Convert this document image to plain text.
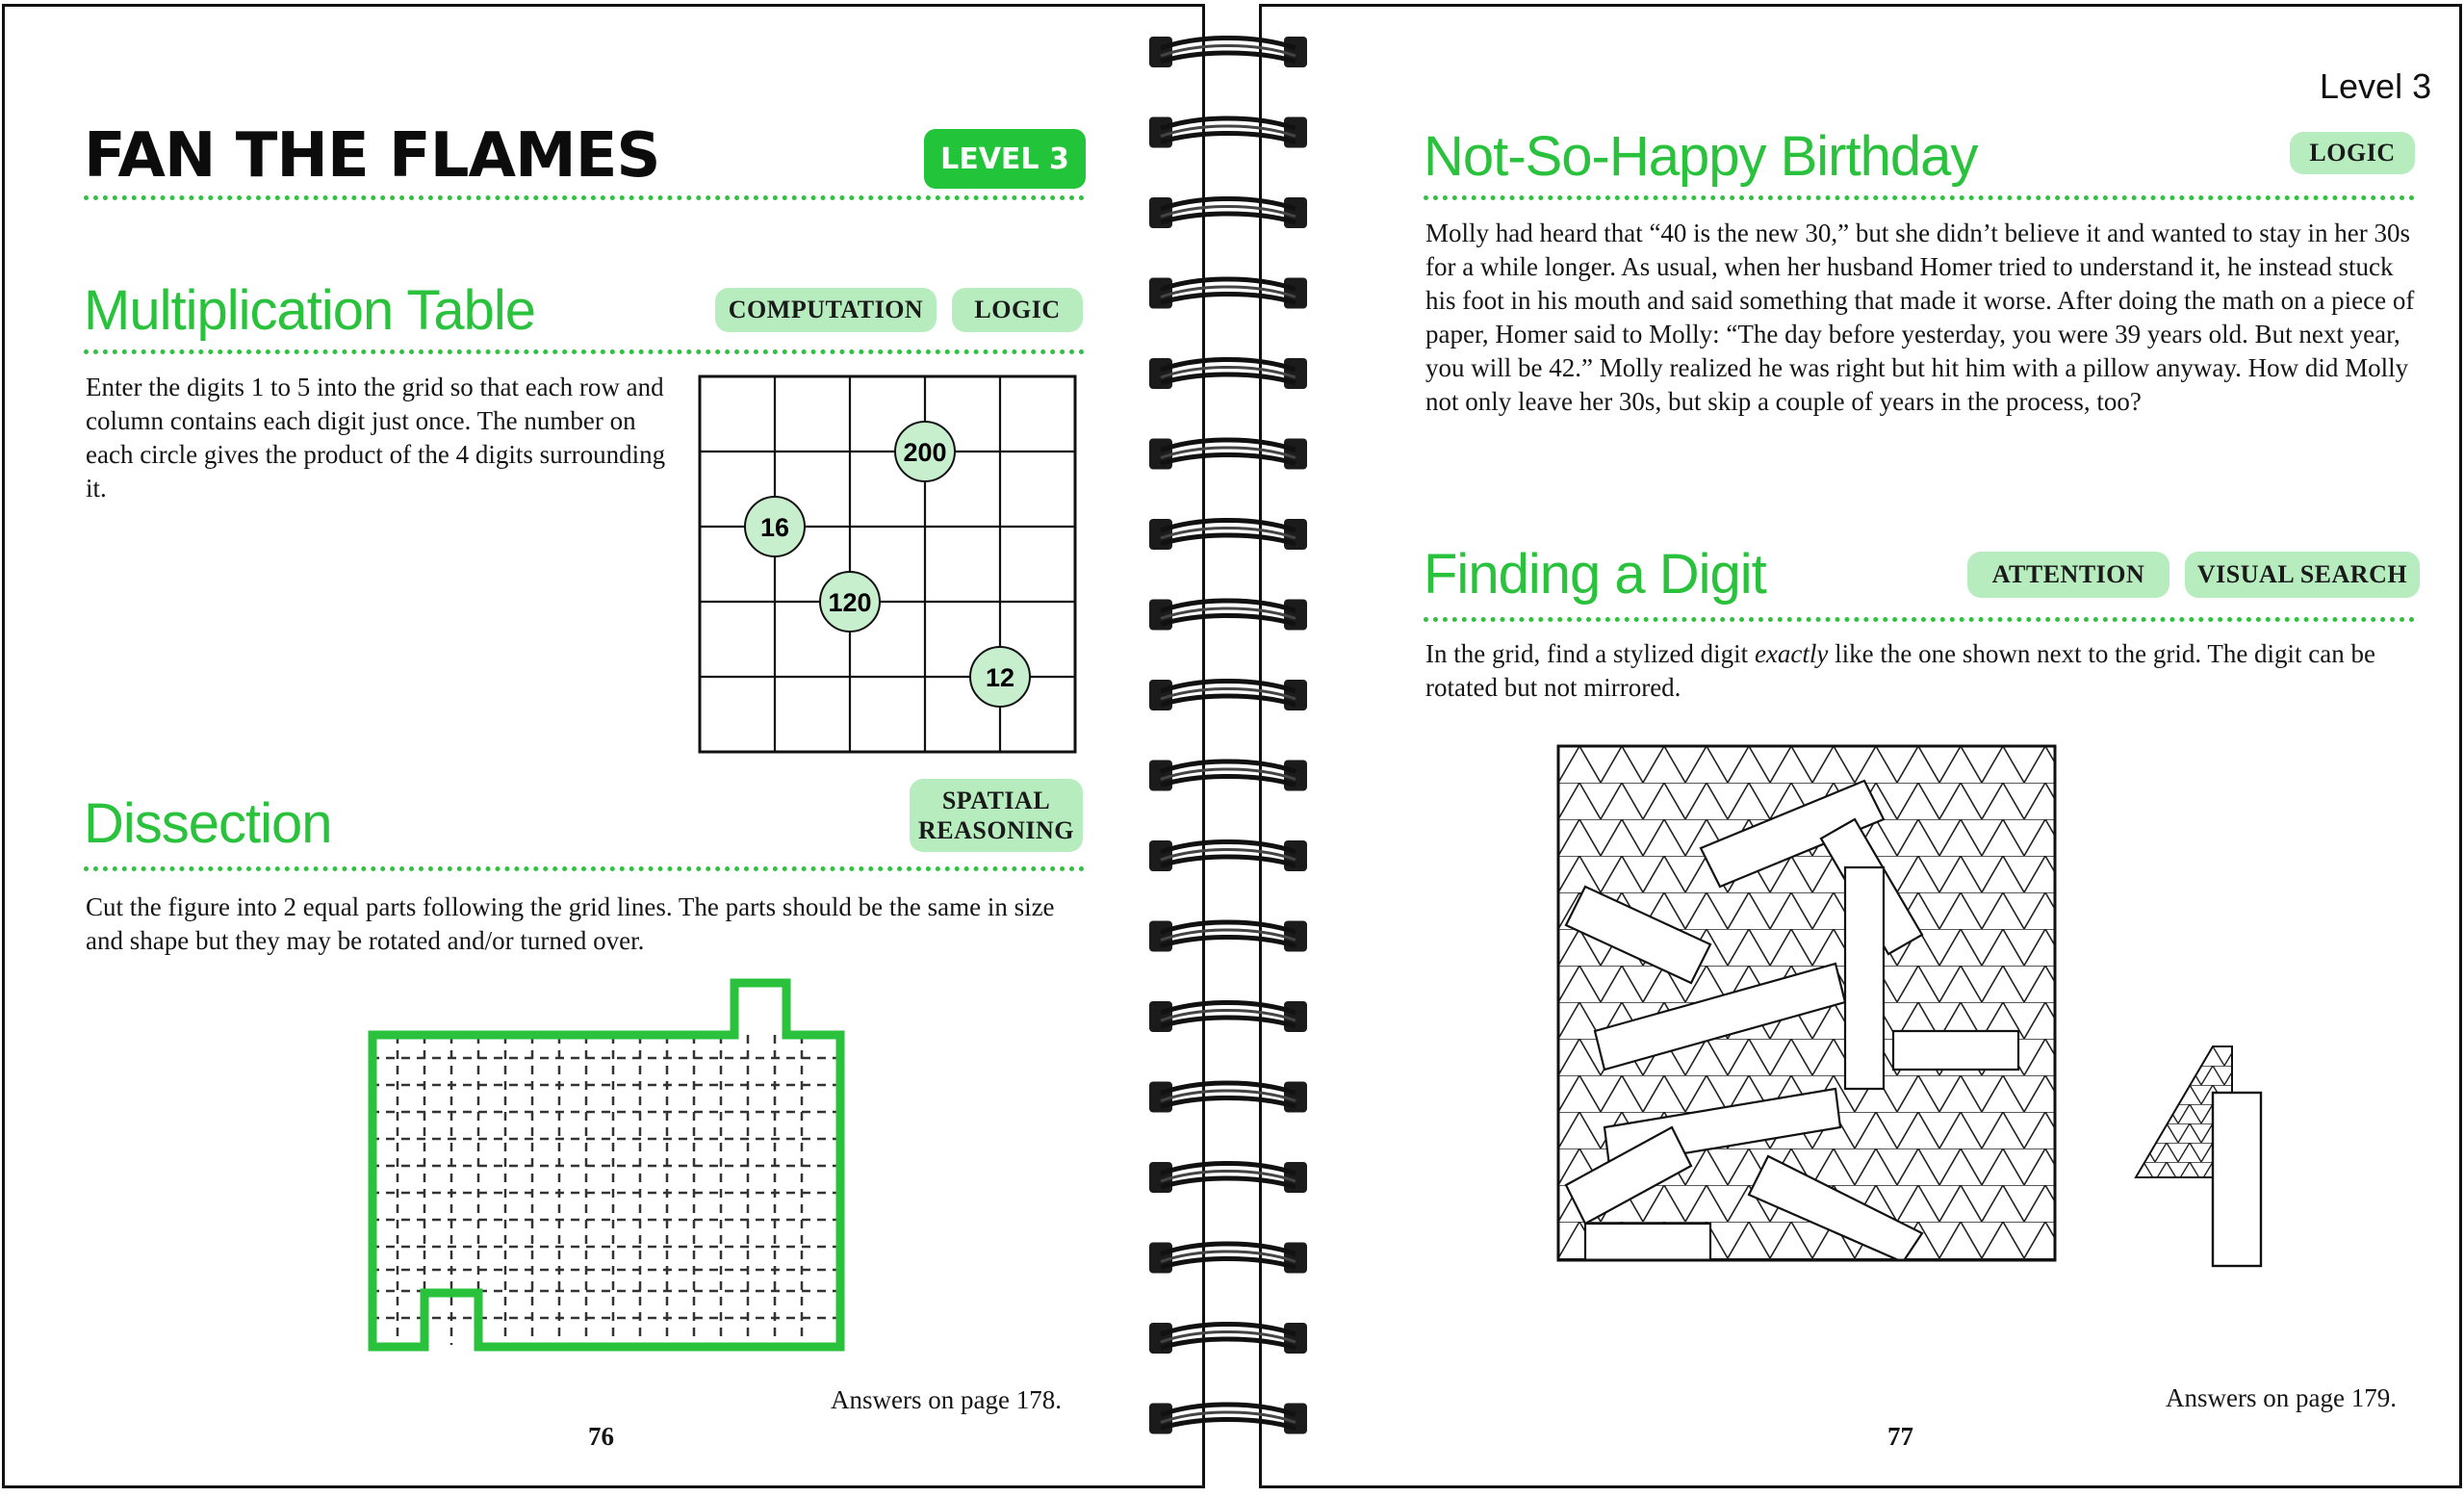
FAN THE FLAMES	LEVEL 3
Multiplication Table	COMPUTATION	LOGIC

Enter the digits 1 to 5 into the grid so that each row and column contains each digit just once. The number on each circle gives the product of the 4 digits surrounding it.

200
16
120
12
Dissection	SPATIAL REASONING

Cut the figure into 2 equal parts following the grid lines. The parts should be the same in size and shape but they may be rotated and/or turned over.

Answers on page 178.
76
Level 3
Not-So-Happy Birthday	LOGIC

Molly had heard that “40 is the new 30,” but she didn’t believe it and wanted to stay in her 30s for a while longer. As usual, when her husband Homer tried to understand it, he instead stuck his foot in his mouth and said something that made it worse. After doing the math on a piece of paper, Homer said to Molly: “The day before yesterday, you were 39 years old. But next year, you will be 42.” Molly realized he was right but hit him with a pillow anyway. How did Molly not only leave her 30s, but skip a couple of years in the process, too?

Finding a Digit	ATTENTION	VISUAL SEARCH

In the grid, find a stylized digit exactly like the one shown next to the grid. The digit can be rotated but not mirrored.

Answers on page 179.
77
